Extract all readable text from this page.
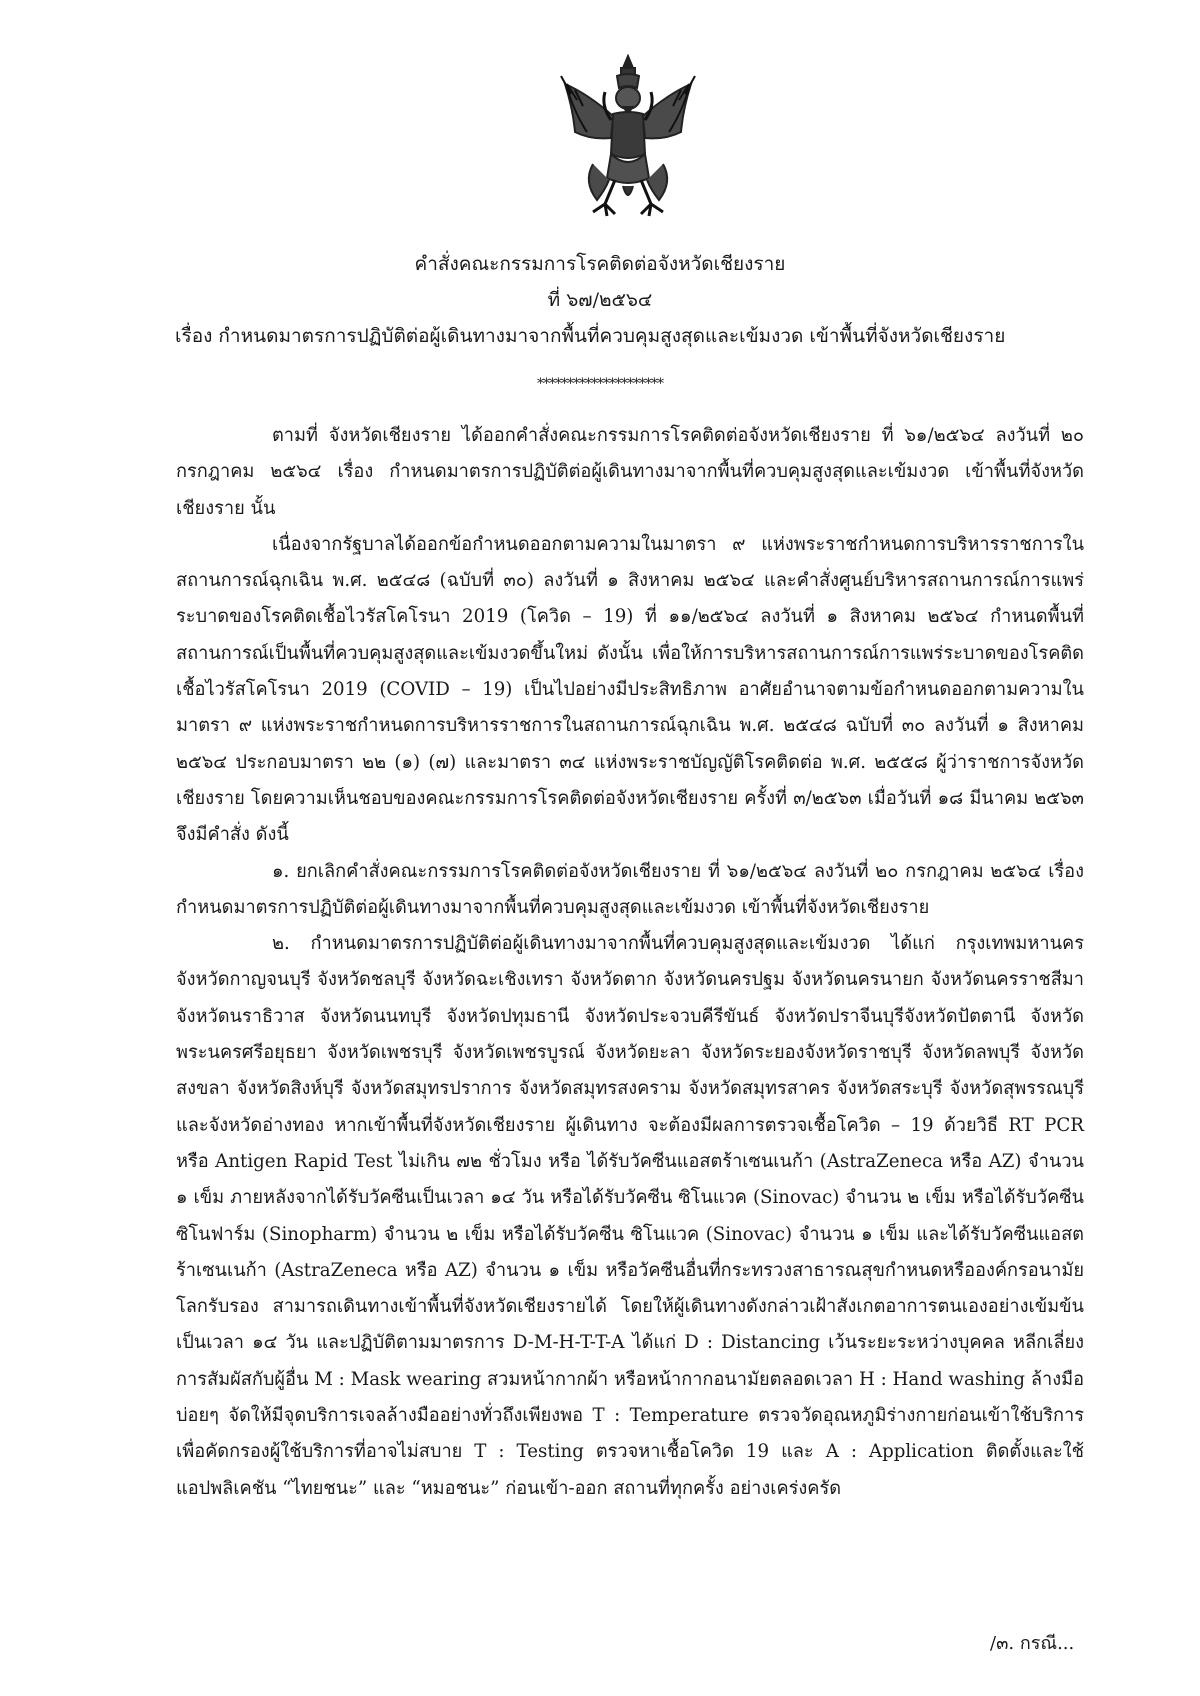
คำสั่งคณะกรรมการโรคติดต่อจังหวัดเชียงราย
ที่ ๖๗/๒๕๖๔
เรื่อง กำหนดมาตรการปฏิบัติต่อผู้เดินทางมาจากพื้นที่ควบคุมสูงสุดและเข้มงวด เข้าพื้นที่จังหวัดเชียงราย
*********************

ตามที่ จังหวัดเชียงราย ได้ออกคำสั่งคณะกรรมการโรคติดต่อจังหวัดเชียงราย ที่ ๖๑/๒๕๖๔ ลงวันที่ ๒๐ กรกฎาคม ๒๕๖๔ เรื่อง กำหนดมาตรการปฏิบัติต่อผู้เดินทางมาจากพื้นที่ควบคุมสูงสุดและเข้มงวด เข้าพื้นที่จังหวัดเชียงราย นั้น

เนื่องจากรัฐบาลได้ออกข้อกำหนดออกตามความในมาตรา ๙ แห่งพระราชกำหนดการบริหารราชการในสถานการณ์ฉุกเฉิน พ.ศ. ๒๕๔๘ (ฉบับที่ ๓๐) ลงวันที่ ๑ สิงหาคม ๒๕๖๔ และคำสั่งศูนย์บริหารสถานการณ์การแพร่ระบาดของโรคติดเชื้อไวรัสโคโรนา 2019 (โควิด – 19) ที่ ๑๑/๒๕๖๔ ลงวันที่ ๑ สิงหาคม ๒๕๖๔ กำหนดพื้นที่สถานการณ์เป็นพื้นที่ควบคุมสูงสุดและเข้มงวดขึ้นใหม่ ดังนั้น เพื่อให้การบริหารสถานการณ์การแพร่ระบาดของโรคติดเชื้อไวรัสโคโรนา 2019 (COVID – 19) เป็นไปอย่างมีประสิทธิภาพ อาศัยอำนาจตามข้อกำหนดออกตามความในมาตรา ๙ แห่งพระราชกำหนดการบริหารราชการในสถานการณ์ฉุกเฉิน พ.ศ. ๒๕๔๘ ฉบับที่ ๓๐ ลงวันที่ ๑ สิงหาคม ๒๕๖๔ ประกอบมาตรา ๒๒ (๑) (๗) และมาตรา ๓๔ แห่งพระราชบัญญัติโรคติดต่อ พ.ศ. ๒๕๕๘ ผู้ว่าราชการจังหวัดเชียงราย โดยความเห็นชอบของคณะกรรมการโรคติดต่อจังหวัดเชียงราย ครั้งที่ ๓/๒๕๖๓ เมื่อวันที่ ๑๘ มีนาคม ๒๕๖๓ จึงมีคำสั่ง ดังนี้

๑. ยกเลิกคำสั่งคณะกรรมการโรคติดต่อจังหวัดเชียงราย ที่ ๖๑/๒๕๖๔ ลงวันที่ ๒๐ กรกฎาคม ๒๕๖๔ เรื่อง กำหนดมาตรการปฏิบัติต่อผู้เดินทางมาจากพื้นที่ควบคุมสูงสุดและเข้มงวด เข้าพื้นที่จังหวัดเชียงราย

๒. กำหนดมาตรการปฏิบัติต่อผู้เดินทางมาจากพื้นที่ควบคุมสูงสุดและเข้มงวด ได้แก่ กรุงเทพมหานครจังหวัดกาญจนบุรี จังหวัดชลบุรี จังหวัดฉะเชิงเทรา จังหวัดตาก จังหวัดนครปฐม จังหวัดนครนายก จังหวัดนครราชสีมา จังหวัดนราธิวาส จังหวัดนนทบุรี จังหวัดปทุมธานี จังหวัดประจวบคีรีขันธ์ จังหวัดปราจีนบุรีจังหวัดปัตตานี จังหวัดพระนครศรีอยุธยา จังหวัดเพชรบุรี จังหวัดเพชรบูรณ์ จังหวัดยะลา จังหวัดระยองจังหวัดราชบุรี จังหวัดลพบุรี จังหวัดสงขลา จังหวัดสิงห์บุรี จังหวัดสมุทรปราการ จังหวัดสมุทรสงคราม จังหวัดสมุทรสาคร จังหวัดสระบุรี จังหวัดสุพรรณบุรี และจังหวัดอ่างทอง หากเข้าพื้นที่จังหวัดเชียงราย ผู้เดินทาง จะต้องมีผลการตรวจเชื้อโควิด – 19 ด้วยวิธี RT PCR หรือ Antigen Rapid Test ไม่เกิน ๗๒ ชั่วโมง หรือ ได้รับวัคซีนแอสตร้าเซนเนก้า (AstraZeneca หรือ AZ) จำนวน ๑ เข็ม ภายหลังจากได้รับวัคซีนเป็นเวลา ๑๔ วัน หรือได้รับวัคซีน ซิโนแวค (Sinovac) จำนวน ๒ เข็ม หรือได้รับวัคซีนซิโนฟาร์ม (Sinopharm) จำนวน ๒ เข็ม หรือได้รับวัคซีน ซิโนแวค (Sinovac) จำนวน ๑ เข็ม และได้รับวัคซีนแอสตร้าเซนเนก้า (AstraZeneca หรือ AZ) จำนวน ๑ เข็ม หรือวัคซีนอื่นที่กระทรวงสาธารณสุขกำหนดหรือองค์กรอนามัยโลกรับรอง สามารถเดินทางเข้าพื้นที่จังหวัดเชียงรายได้ โดยให้ผู้เดินทางดังกล่าวเฝ้าสังเกตอาการตนเองอย่างเข้มข้น เป็นเวลา ๑๔ วัน และปฏิบัติตามมาตรการ D-M-H-T-T-A ได้แก่ D : Distancing เว้นระยะระหว่างบุคคล หลีกเลี่ยงการสัมผัสกับผู้อื่น M : Mask wearing สวมหน้ากากผ้า หรือหน้ากากอนามัยตลอดเวลา H : Hand washing ล้างมือบ่อยๆ จัดให้มีจุดบริการเจลล้างมืออย่างทั่วถึงเพียงพอ T : Temperature ตรวจวัดอุณหภูมิร่างกายก่อนเข้าใช้บริการ เพื่อคัดกรองผู้ใช้บริการที่อาจไม่สบาย T : Testing ตรวจหาเชื้อโควิด 19 และ A : Application ติดตั้งและใช้แอปพลิเคชัน “ไทยชนะ” และ “หมอชนะ” ก่อนเข้า-ออก สถานที่ทุกครั้ง อย่างเคร่งครัด

/๓. กรณี...
